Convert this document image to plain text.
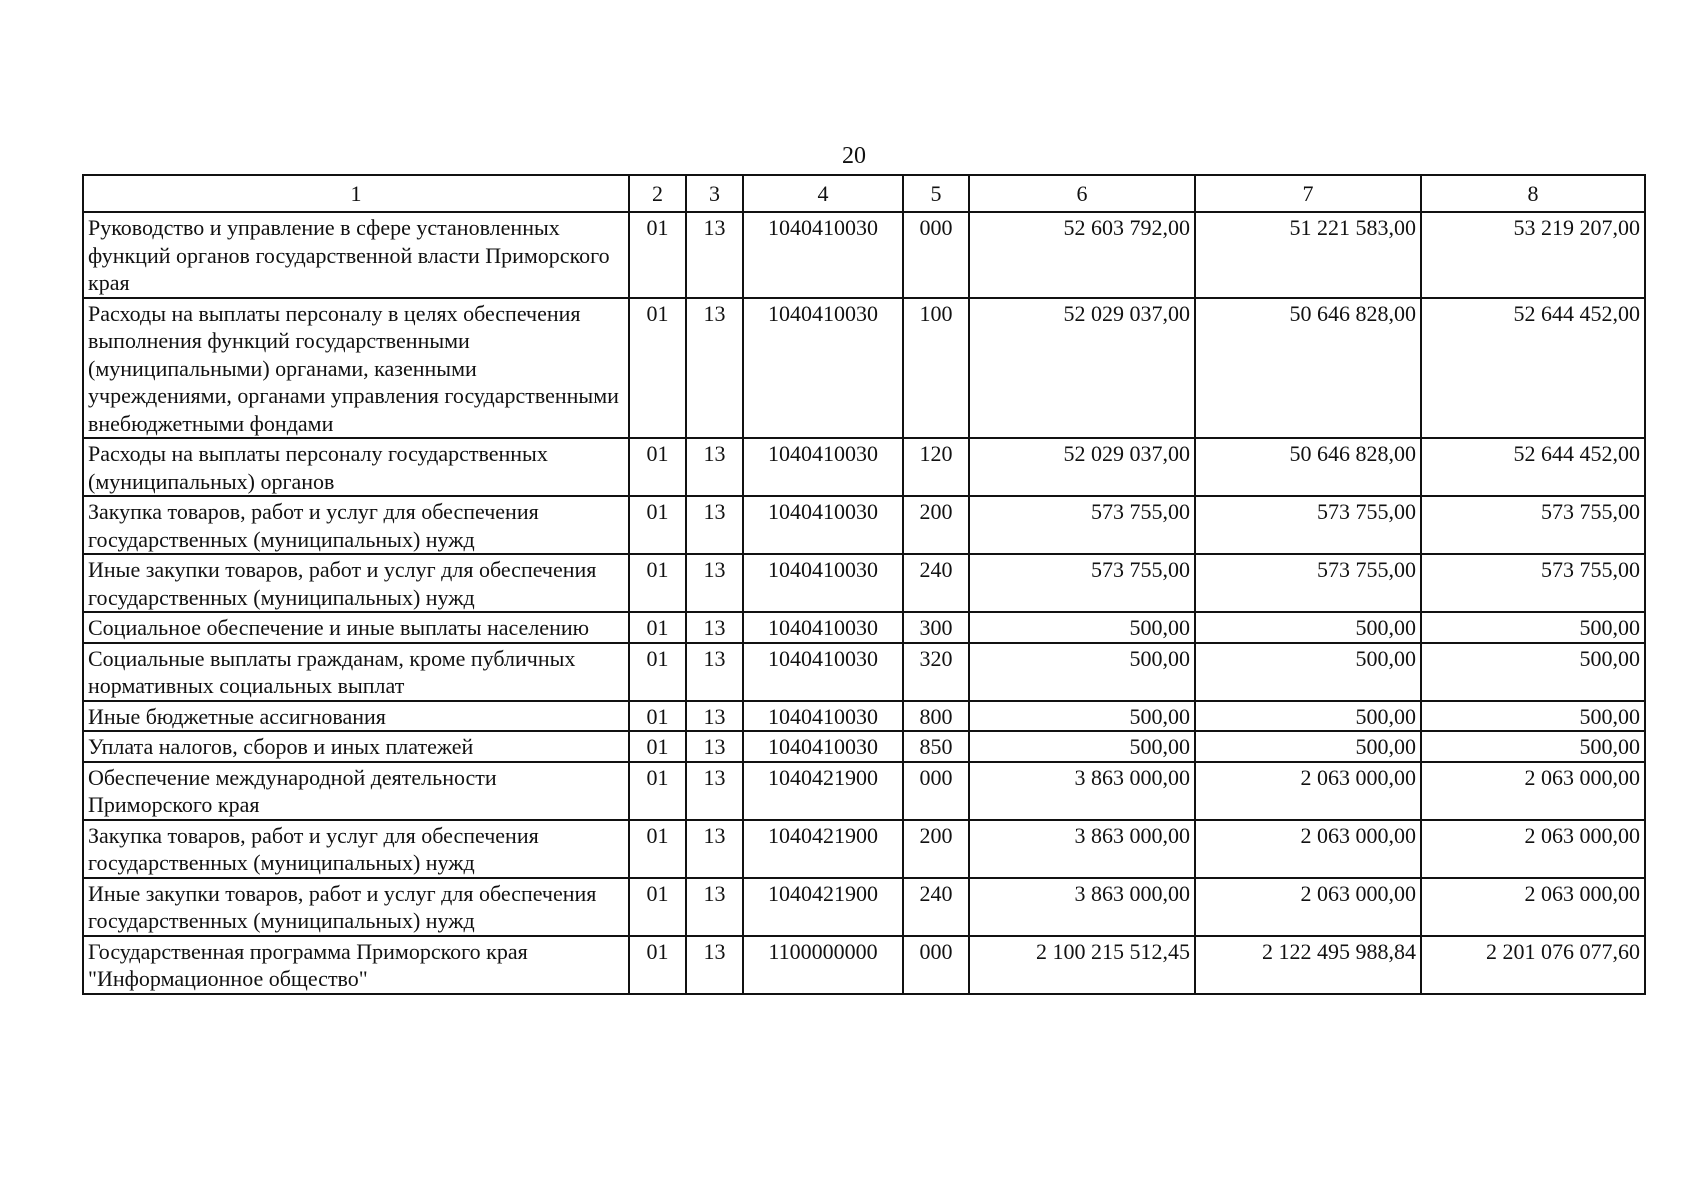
20
1	2	3	4	5	6	7	8
Руководство и управление в сфере установленных функций органов государственной власти Приморского края	01	13	1040410030	000	52 603 792,00	51 221 583,00	53 219 207,00
Расходы на выплаты персоналу в целях обеспечения выполнения функций государственными (муниципальными) органами, казенными учреждениями, органами управления государственными внебюджетными фондами	01	13	1040410030	100	52 029 037,00	50 646 828,00	52 644 452,00
Расходы на выплаты персоналу государственных (муниципальных) органов	01	13	1040410030	120	52 029 037,00	50 646 828,00	52 644 452,00
Закупка товаров, работ и услуг для обеспечения государственных (муниципальных) нужд	01	13	1040410030	200	573 755,00	573 755,00	573 755,00
Иные закупки товаров, работ и услуг для обеспечения государственных (муниципальных) нужд	01	13	1040410030	240	573 755,00	573 755,00	573 755,00
Социальное обеспечение и иные выплаты населению	01	13	1040410030	300	500,00	500,00	500,00
Социальные выплаты гражданам, кроме публичных нормативных социальных выплат	01	13	1040410030	320	500,00	500,00	500,00
Иные бюджетные ассигнования	01	13	1040410030	800	500,00	500,00	500,00
Уплата налогов, сборов и иных платежей	01	13	1040410030	850	500,00	500,00	500,00
Обеспечение международной деятельности Приморского края	01	13	1040421900	000	3 863 000,00	2 063 000,00	2 063 000,00
Закупка товаров, работ и услуг для обеспечения государственных (муниципальных) нужд	01	13	1040421900	200	3 863 000,00	2 063 000,00	2 063 000,00
Иные закупки товаров, работ и услуг для обеспечения государственных (муниципальных) нужд	01	13	1040421900	240	3 863 000,00	2 063 000,00	2 063 000,00
Государственная программа Приморского края "Информационное общество"	01	13	1100000000	000	2 100 215 512,45	2 122 495 988,84	2 201 076 077,60
